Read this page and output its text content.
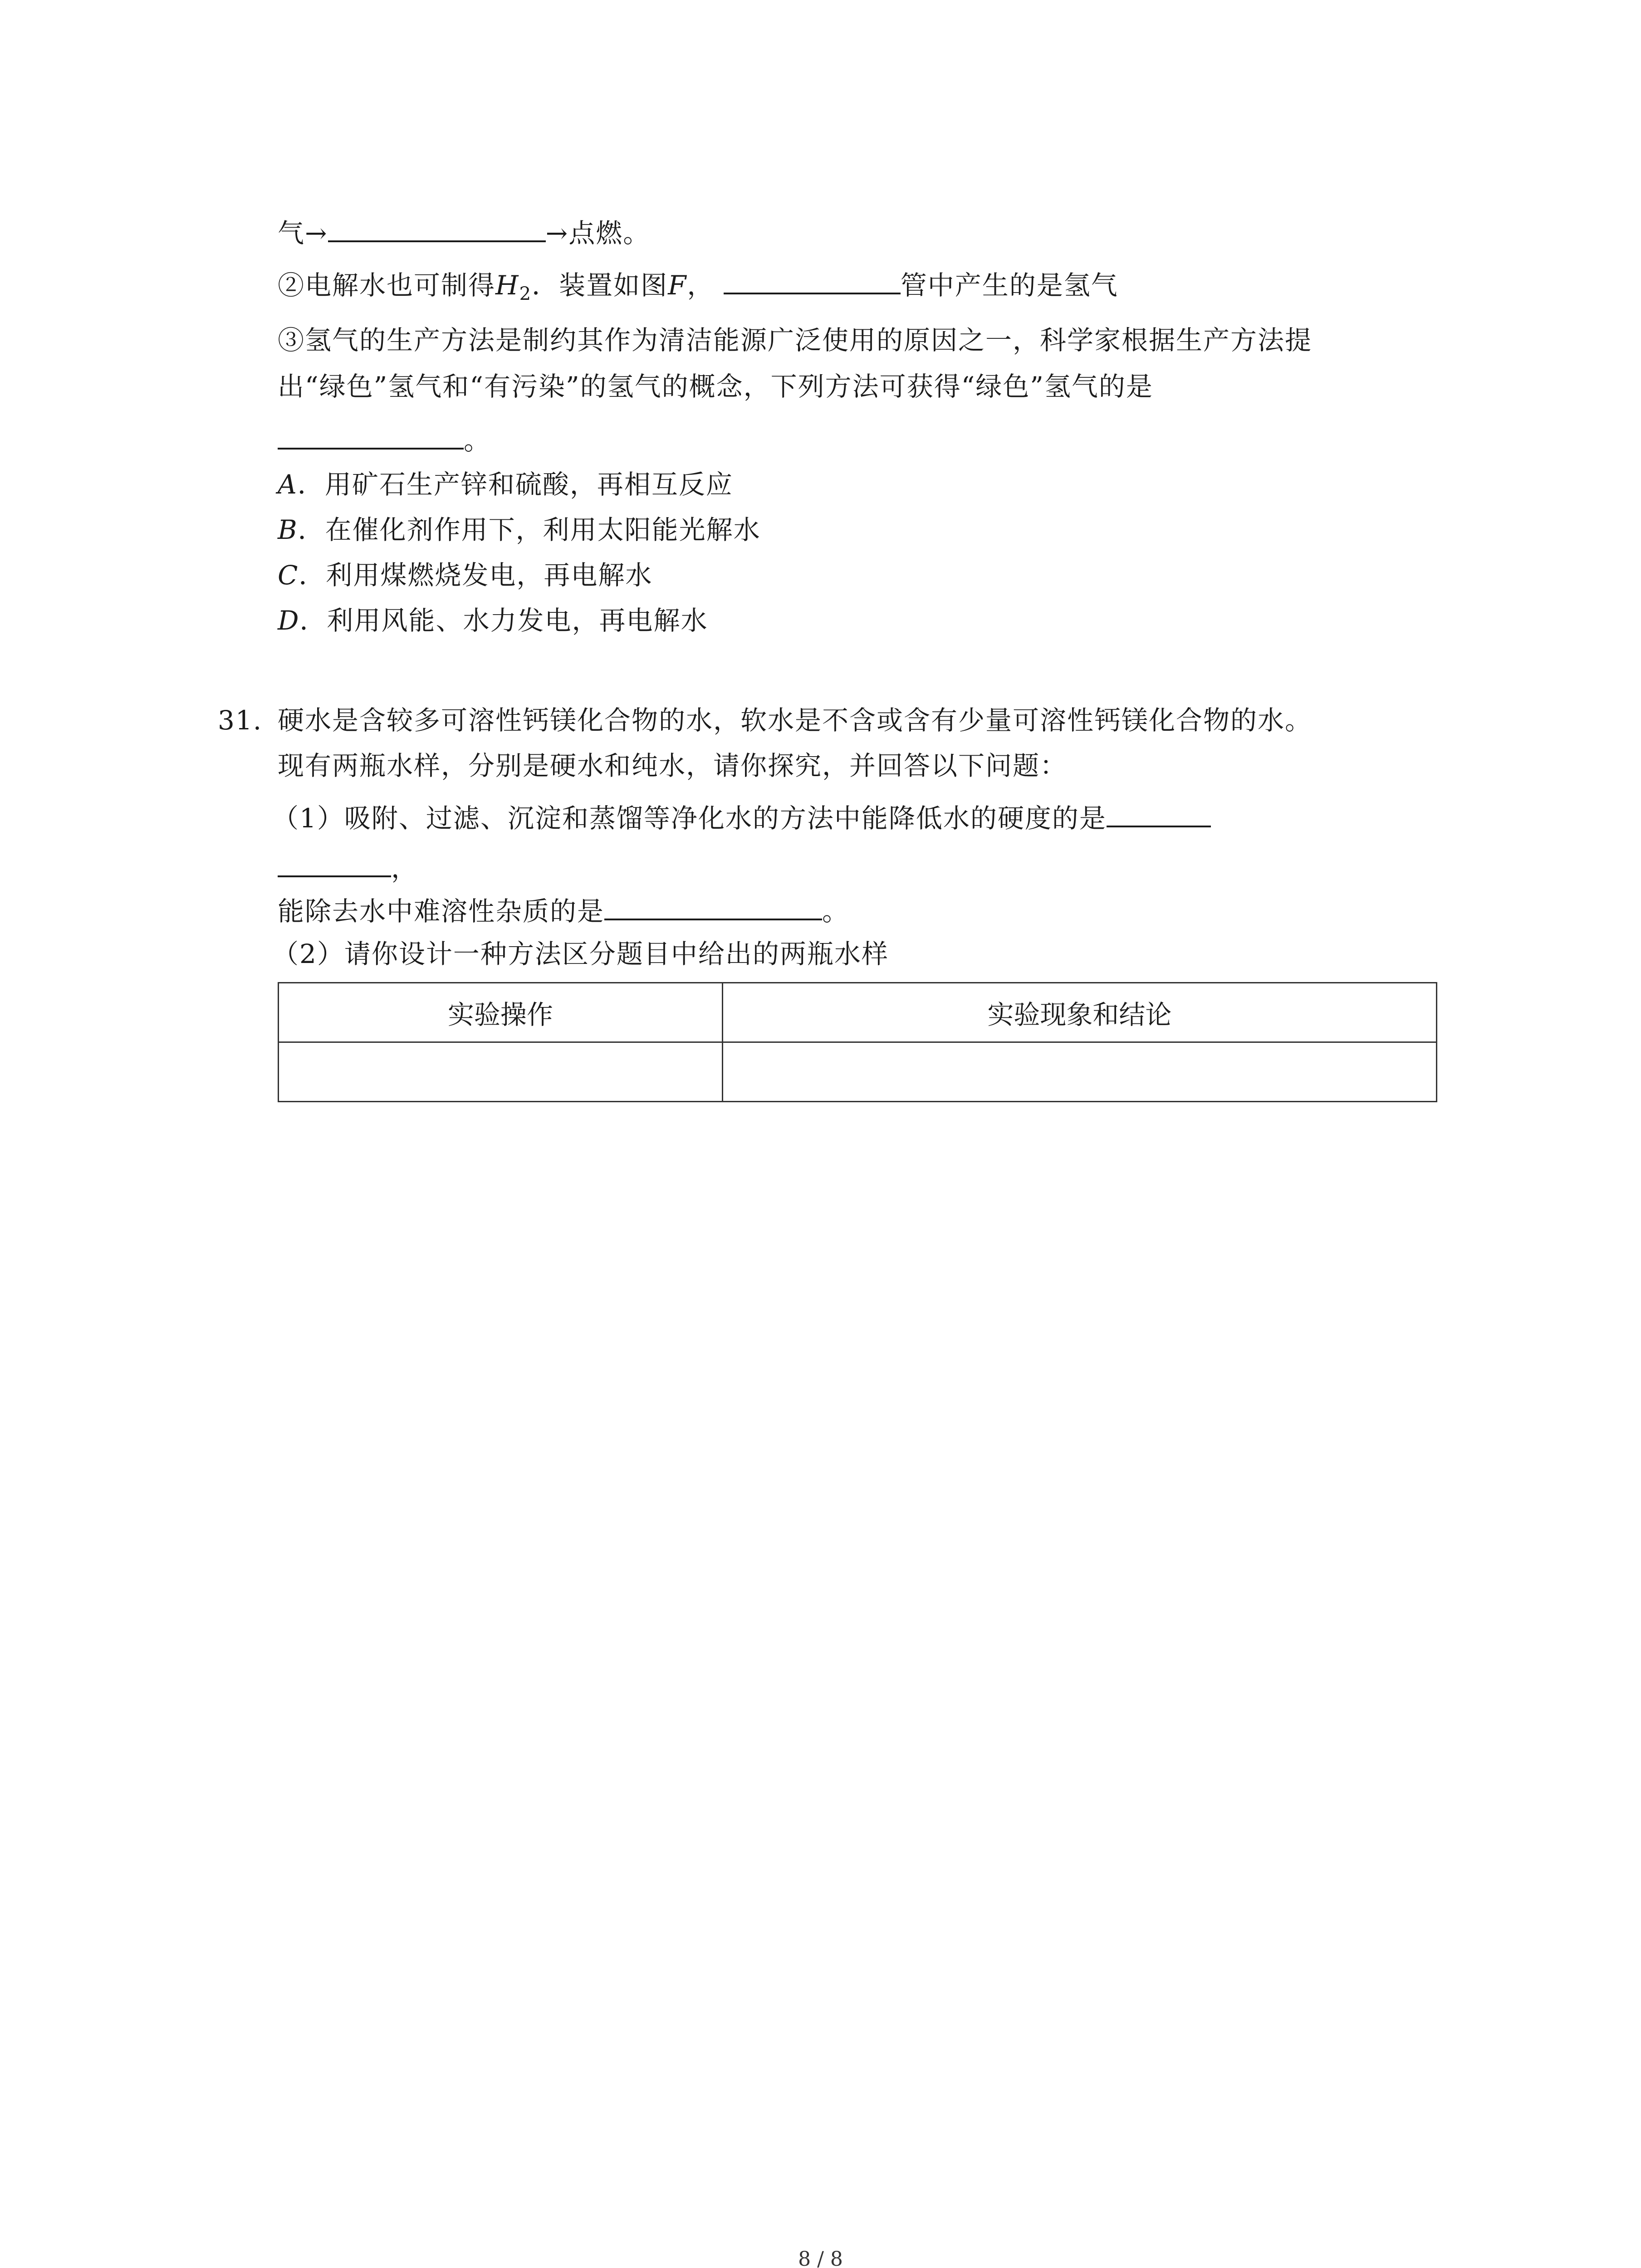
气→	→点燃。
②电解水也可制得$H_2$．装置如图F，	管中产生的是氢气
③氢气的生产方法是制约其作为清洁能源广泛使用的原因之一，科学家根据生产方法提
出“绿色”氢气和“有污染”的氢气的概念，下列方法可获得“绿色”氢气的是
。
A．用矿石生产锌和硫酸，再相互反应
B．在催化剂作用下，利用太阳能光解水
C．利用煤燃烧发电，再电解水
D．利用风能、水力发电，再电解水
31. 硬水是含较多可溶性钙镁化合物的水，软水是不含或含有少量可溶性钙镁化合物的水。
现有两瓶水样，分别是硬水和纯水，请你探究，并回答以下问题：
（1）吸附、过滤、沉淀和蒸馏等净化水的方法中能降低水的硬度的是
，
能除去水中难溶性杂质的是	。
（2）请你设计一种方法区分题目中给出的两瓶水样
实验操作	实验现象和结论

8 / 8
